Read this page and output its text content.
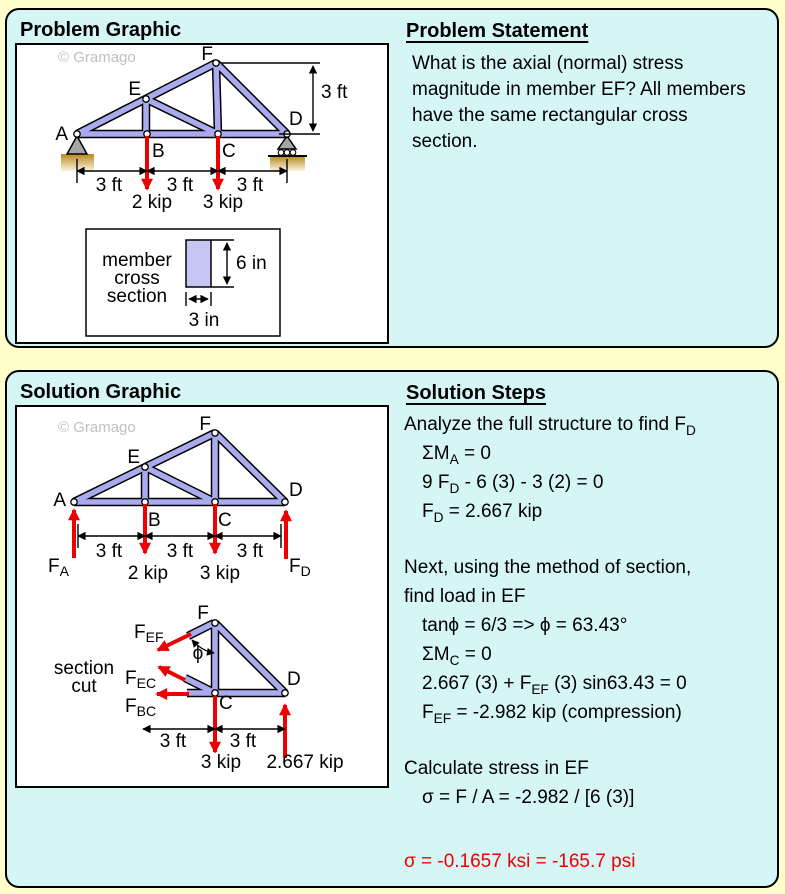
Problem Graphic
© Gramago
A
B	C
D
E
F
3 ft 3 ft 3 ft
3 ft
2 kip 3 kip
member
cross
section
6 in
3 in
Problem Statement

What is the axial (normal) stress magnitude in member EF? All members have the same rectangular cross section.

Solution Graphic
© Gramago
A
B	C
D
E
F
3 ft 3 ft 3 ft
2 kip 3 kip
$F_A$	$F_D$
F
C
D
ϕ
$F_{EF}$
$F_{EC}$
$F_{BC}$
section
cut
3 ft 3 ft
3 kip 2.667 kip
Solution Steps
Analyze the full structure to find $F_D$
$\Sigma M_A = 0$
9 $F_D - 6$ (3) - 3 (2) = 0
$F_D = 2.667$ kip
Next, using the method of section,
find load in EF
tanϕ = 6/3 => ϕ = 63.43°
$\Sigma M_C = 0$
2.667 $(3) + F_{EF}$ (3) sin63.43 = 0
$F_{EF} = -2.982$ kip (compression)
Calculate stress in EF
σ = F / A = -2.982 / [6 (3)]
σ = -0.1657 ksi = -165.7 psi
